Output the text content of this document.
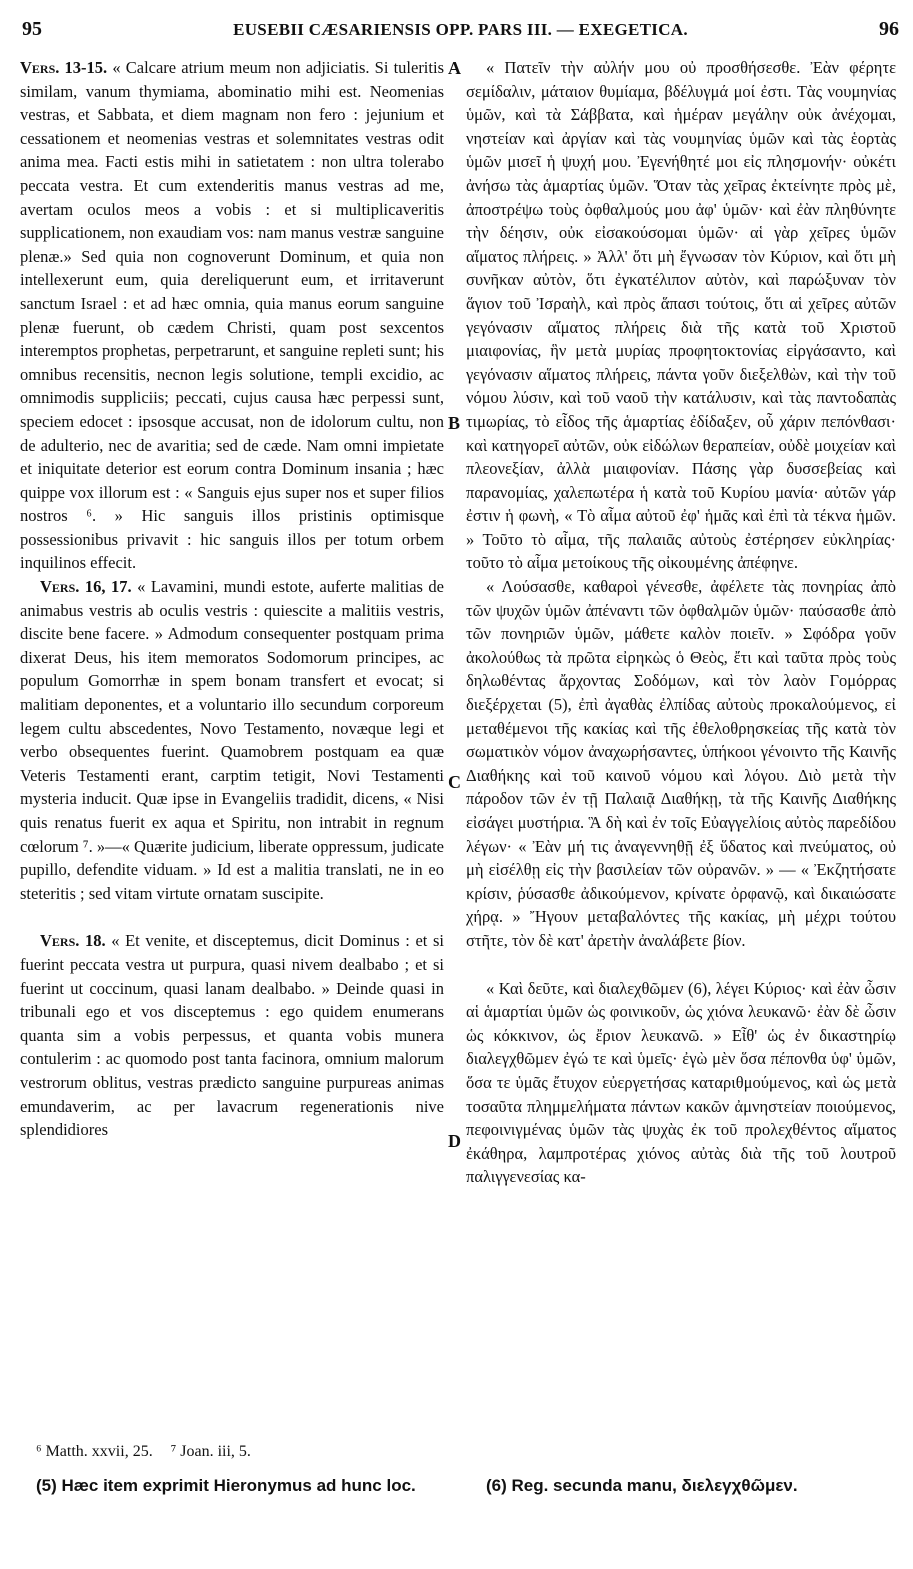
95	EUSEBII CÆSARIENSIS OPP. PARS III. — EXEGETICA.	96

Vers. 13-15. « Calcare atrium meum non adjiciatis. Si tuleritis similam, vanum thymiama, abominatio mihi est. Neomenias vestras, et Sabbata, et diem magnam non fero : jejunium et cessationem et neomenias vestras et solemnitates vestras odit anima mea. Facti estis mihi in satietatem : non ultra tolerabo peccata vestra. Et cum extenderitis manus vestras ad me, avertam oculos meos a vobis : et si multiplicaveritis supplicationem, non exaudiam vos: nam manus vestræ sanguine plenæ.» Sed quia non cognoverunt Dominum, et quia non intellexerunt eum, quia dereliquerunt eum, et irritaverunt sanctum Israel : et ad hæc omnia, quia manus eorum sanguine plenæ fuerunt, ob cædem Christi, quam post sexcentos interemptos prophetas, perpetrarunt, et sanguine repleti sunt; his omnibus recensitis, necnon legis solutione, templi excidio, ac omnimodis suppliciis; peccati, cujus causa hæc perpessi sunt, speciem edocet : ipsosque accusat, non de idolorum cultu, non de adulterio, nec de avaritia; sed de cæde. Nam omni impietate et iniquitate deterior est eorum contra Dominum insania ; hæc quippe vox illorum est : « Sanguis ejus super nos et super filios nostros ⁶. » Hic sanguis illos pristinis optimisque possessionibus privavit : hic sanguis illos per totum orbem inquilinos effecit.

Vers. 16, 17. « Lavamini, mundi estote, auferte malitias de animabus vestris ab oculis vestris : quiescite a malitiis vestris, discite bene facere. » Admodum consequenter postquam prima dixerat Deus, his item memoratos Sodomorum principes, ac populum Gomorrhæ in spem bonam transfert et evocat; si malitiam deponentes, et a voluntario illo secundum corporeum legem cultu abscedentes, Novo Testamento, novæque legi et verbo obsequentes fuerint. Quamobrem postquam ea quæ Veteris Testamenti erant, carptim tetigit, Novi Testamenti mysteria inducit. Quæ ipse in Evangeliis tradidit, dicens, « Nisi quis renatus fuerit ex aqua et Spiritu, non intrabit in regnum cœlorum ⁷. »—« Quærite judicium, liberate oppressum, judicate pupillo, defendite viduam. » Id est a malitia translati, ne in eo steteritis ; sed vitam virtute ornatam suscipite.

Vers. 18. « Et venite, et disceptemus, dicit Dominus : et si fuerint peccata vestra ut purpura, quasi nivem dealbabo ; et si fuerint ut coccinum, quasi lanam dealbabo. » Deinde quasi in tribunali ego et vos disceptemus : ego quidem enumerans quanta sim a vobis perpessus, et quanta vobis munera contulerim : ac quomodo post tanta facinora, omnium malorum vestrorum oblitus, vestras prædicto sanguine purpureas animas emundaverim, ac per lavacrum regenerationis nive splendidiores

A
B
C
D

« Πατεῖν τὴν αὐλήν μου οὐ προσθήσεσθε. Ἐὰν φέρητε σεμίδαλιν, μάταιον θυμίαμα, βδέλυγμά μοί ἐστι. Τὰς νουμηνίας ὑμῶν, καὶ τὰ Σάββατα, καὶ ἡμέραν μεγάλην οὐκ ἀνέχομαι, νηστείαν καὶ ἀργίαν καὶ τὰς νουμηνίας ὑμῶν καὶ τὰς ἑορτὰς ὑμῶν μισεῖ ἡ ψυχή μου. Ἐγενήθητέ μοι εἰς πλησμονήν· οὐκέτι ἀνήσω τὰς ἁμαρτίας ὑμῶν. Ὅταν τὰς χεῖρας ἐκτείνητε πρὸς μὲ, ἀποστρέψω τοὺς ὀφθαλμούς μου ἀφ' ὑμῶν· καὶ ἐὰν πληθύνητε τὴν δέησιν, οὐκ εἰσακούσομαι ὑμῶν· αἱ γὰρ χεῖρες ὑμῶν αἵματος πλήρεις. » Ἀλλ' ὅτι μὴ ἔγνωσαν τὸν Κύριον, καὶ ὅτι μὴ συνῆκαν αὐτὸν, ὅτι ἐγκατέλιπον αὐτὸν, καὶ παρώξυναν τὸν ἅγιον τοῦ Ἰσραὴλ, καὶ πρὸς ἅπασι τούτοις, ὅτι αἱ χεῖρες αὐτῶν γεγόνασιν αἵματος πλήρεις διὰ τῆς κατὰ τοῦ Χριστοῦ μιαιφονίας, ἣν μετὰ μυρίας προφητοκτονίας εἰργάσαντο, καὶ γεγόνασιν αἵματος πλήρεις, πάντα γοῦν διεξελθὼν, καὶ τὴν τοῦ νόμου λύσιν, καὶ τοῦ ναοῦ τὴν κατάλυσιν, καὶ τὰς παντοδαπὰς τιμωρίας, τὸ εἶδος τῆς ἁμαρτίας ἐδίδαξεν, οὗ χάριν πεπόνθασι· καὶ κατηγορεῖ αὐτῶν, οὐκ εἰδώλων θεραπείαν, οὐδὲ μοιχείαν καὶ πλεονεξίαν, ἀλλὰ μιαιφονίαν. Πάσης γὰρ δυσσεβείας καὶ παρανομίας, χαλεπωτέρα ἡ κατὰ τοῦ Κυρίου μανία· αὐτῶν γάρ ἐστιν ἡ φωνὴ, « Τὸ αἷμα αὐτοῦ ἐφ' ἡμᾶς καὶ ἐπὶ τὰ τέκνα ἡμῶν. » Τοῦτο τὸ αἷμα, τῆς παλαιᾶς αὐτοὺς ἐστέρησεν εὐκληρίας· τοῦτο τὸ αἷμα μετοίκους τῆς οἰκουμένης ἀπέφηνε.

« Λούσασθε, καθαροὶ γένεσθε, ἀφέλετε τὰς πονηρίας ἀπὸ τῶν ψυχῶν ὑμῶν ἀπέναντι τῶν ὀφθαλμῶν ὑμῶν· παύσασθε ἀπὸ τῶν πονηριῶν ὑμῶν, μάθετε καλὸν ποιεῖν. » Σφόδρα γοῦν ἀκολούθως τὰ πρῶτα εἰρηκὼς ὁ Θεὸς, ἔτι καὶ ταῦτα πρὸς τοὺς δηλωθέντας ἄρχοντας Σοδόμων, καὶ τὸν λαὸν Γομόρρας διεξέρχεται (5), ἐπὶ ἀγαθὰς ἐλπίδας αὐτοὺς προκαλούμενος, εἰ μεταθέμενοι τῆς κακίας καὶ τῆς ἐθελοθρησκείας τῆς κατὰ τὸν σωματικὸν νόμον ἀναχωρήσαντες, ὑπήκοοι γένοιντο τῆς Καινῆς Διαθήκης καὶ τοῦ καινοῦ νόμου καὶ λόγου. Διὸ μετὰ τὴν πάροδον τῶν ἐν τῇ Παλαιᾷ Διαθήκῃ, τὰ τῆς Καινῆς Διαθήκης εἰσάγει μυστήρια. Ἃ δὴ καὶ ἐν τοῖς Εὐαγγελίοις αὐτὸς παρεδίδου λέγων· « Ἐὰν μή τις ἀναγεννηθῇ ἐξ ὕδατος καὶ πνεύματος, οὐ μὴ εἰσέλθῃ εἰς τὴν βασιλείαν τῶν οὐρανῶν. » — « Ἐκζητήσατε κρίσιν, ῥύσασθε ἀδικούμενον, κρίνατε ὀρφανῷ, καὶ δικαιώσατε χήρᾳ. » Ἤγουν μεταβαλόντες τῆς κακίας, μὴ μέχρι τούτου στῆτε, τὸν δὲ κατ' ἀρετὴν ἀναλάβετε βίον.

« Καὶ δεῦτε, καὶ διαλεχθῶμεν (6), λέγει Κύριος· καὶ ἐὰν ὦσιν αἱ ἁμαρτίαι ὑμῶν ὡς φοινικοῦν, ὡς χιόνα λευκανῶ· ἐὰν δὲ ὦσιν ὡς κόκκινον, ὡς ἔριον λευκανῶ. » Εἶθ' ὡς ἐν δικαστηρίῳ διαλεγχθῶμεν ἐγώ τε καὶ ὑμεῖς· ἐγὼ μὲν ὅσα πέπονθα ὑφ' ὑμῶν, ὅσα τε ὑμᾶς ἔτυχον εὐεργετήσας καταριθμούμενος, καὶ ὡς μετὰ τοσαῦτα πλημμελήματα πάντων κακῶν ἀμνηστείαν ποιούμενος, πεφοινιγμένας ὑμῶν τὰς ψυχὰς ἐκ τοῦ προλεχθέντος αἵματος ἐκάθηρα, λαμπροτέρας χιόνος αὐτὰς διὰ τῆς τοῦ λουτροῦ παλιγγενεσίας κα-

⁶ Matth. xxvii, 25. ⁷ Joan. iii, 5.
(5) Hæc item exprimit Hieronymus ad hunc loc.	(6) Reg. secunda manu, διελεγχθῶμεν.
